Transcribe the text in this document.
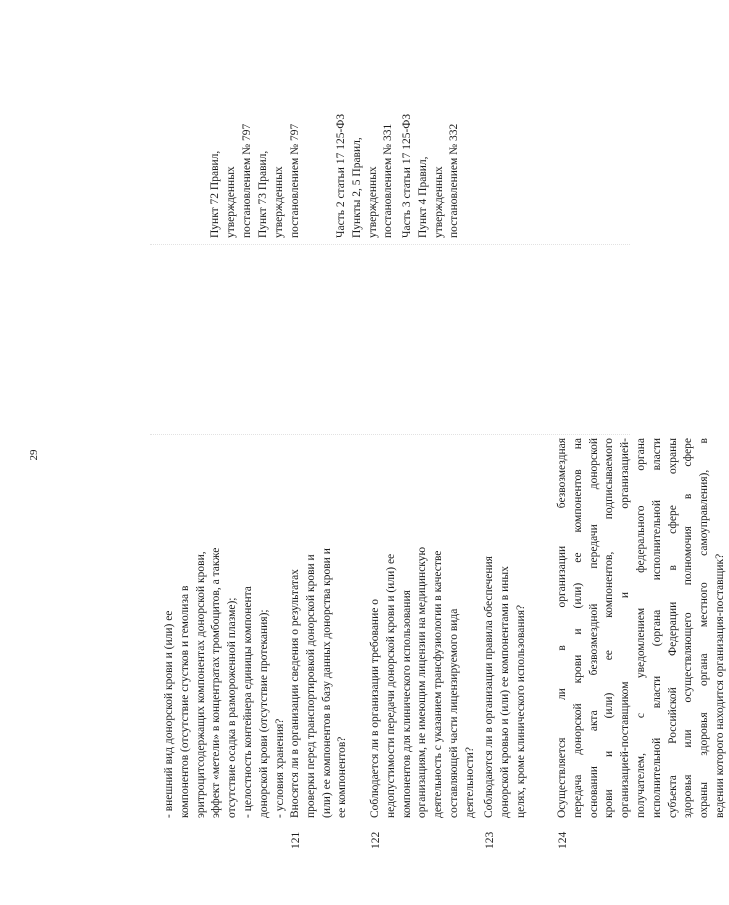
29
- внешний вид донорской крови и (или) ее компонентов (отсутствие сгустков и гемолиза в эритроцитсодержащих компонентах донорской крови, эффект «метели» в концентратах тромбоцитов, а также отсутствие осадка в размороженной плазме); - целостность контейнера единицы компонента донорской крови (отсутствие протекания); - условия хранения?
121
Вносятся ли в организации сведения о результатах проверки перед транспортировкой донорской крови и (или) ее компонентов в базу данных донорства крови и ее компонентов?
Пункт 72 Правил, утвержденных постановлением № 797
122
Соблюдается ли в организации требование о недопустимости передачи донорской крови и (или) ее компонентов для клинического использования организациям, не имеющим лицензии на медицинскую деятельность с указанием трансфузиологии в качестве составляющей части лицензируемого вида деятельности?
Пункт 73 Правил, утвержденных постановлением № 797
123
Соблюдаются ли в организации правила обеспечения донорской кровью и (или) ее компонентами в иных целях, кроме клинического использования?
Часть 2 статьи 17 125-ФЗ Пункты 2, 5 Правил, утвержденных постановлением № 331
124
Осуществляется ли в организации безвозмездная передача донорской крови и (или) ее компонентов на основании акта безвозмездной передачи донорской крови и (или) ее компонентов, подписываемого организацией-поставщиком и организацией- получателем, с уведомлением федерального органа исполнительной власти (органа исполнительной власти субъекта Российской Федерации в сфере охраны здоровья или осуществляющего полномочия в сфере охраны здоровья органа местного самоуправления), в ведении которого находится организация-поставщик?
Часть 3 статьи 17 125-ФЗ Пункт 4 Правил, утвержденных постановлением № 332
